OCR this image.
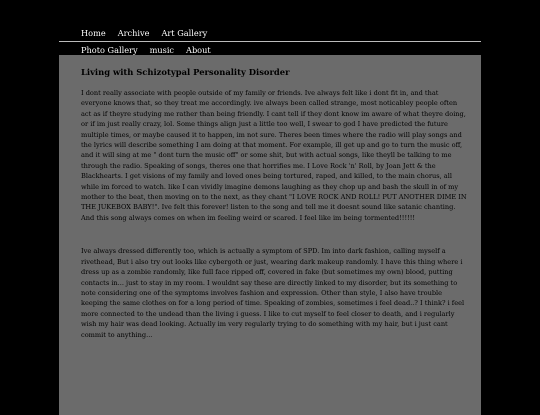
Home Archive Art Gallery
Photo Gallery music About
Living with Schizotypal Personality Disorder

I dont really associate with people outside of my family or friends. Ive always felt like i dont fit in, and that everyone knows that, so they treat me accordingly. ive always been called strange, most noticabley people often act as if theyre studying me rather than being friendly. I cant tell if they dont know im aware of what theyre doing, or if im just really crazy, lol. Some things align just a little too well, I swear to god I have predicted the future multiple times, or maybe caused it to happen, im not sure. Theres been times where the radio will play songs and the lyrics will describe something I am doing at that moment. For example, ill get up and go to turn the music off, and it will sing at me " dont turn the music off" or some shit, but with actual songs, like theyll be talking to me through the radio. Speaking of songs, theres one that horrifies me. I Love Rock 'n' Roll, by Joan Jett & the Blackhearts. I get visions of my family and loved ones being tortured, raped, and killed, to the main chorus, all while im forced to watch. like I can vividly imagine demons laughing as they chop up and bash the skull in of my mother to the beat, then moving on to the next, as they chant "I LOVE ROCK AND ROLL! PUT ANOTHER DIME IN THE JUKEBOX BABY!". Ive felt this forever! listen to the song and tell me it doesnt sound like satanic chanting. And this song always comes on when im feeling weird or scared. I feel like im being tormented!!!!!!

Ive always dressed differently too, which is actually a symptom of SPD. Im into dark fashion, calling myself a rivethead, But i also try out looks like cybergoth or just, wearing dark makeup randomly. I have this thing where i dress up as a zombie randomly, like full face ripped off, covered in fake (but sometimes my own) blood, putting contacts in... just to stay in my room. I wouldnt say these are directly linked to my disorder, but its something to note considering one of the symptoms involves fashion and expression. Other than style, I also have trouble keeping the same clothes on for a long period of time. Speaking of zombies, sometimes i feel dead..? I think? i feel more connected to the undead than the living i guess. I like to cut myself to feel closer to death, and i regularly wish my hair was dead looking. Actually im very regularly trying to do something with my hair, but i just cant commit to anything...
